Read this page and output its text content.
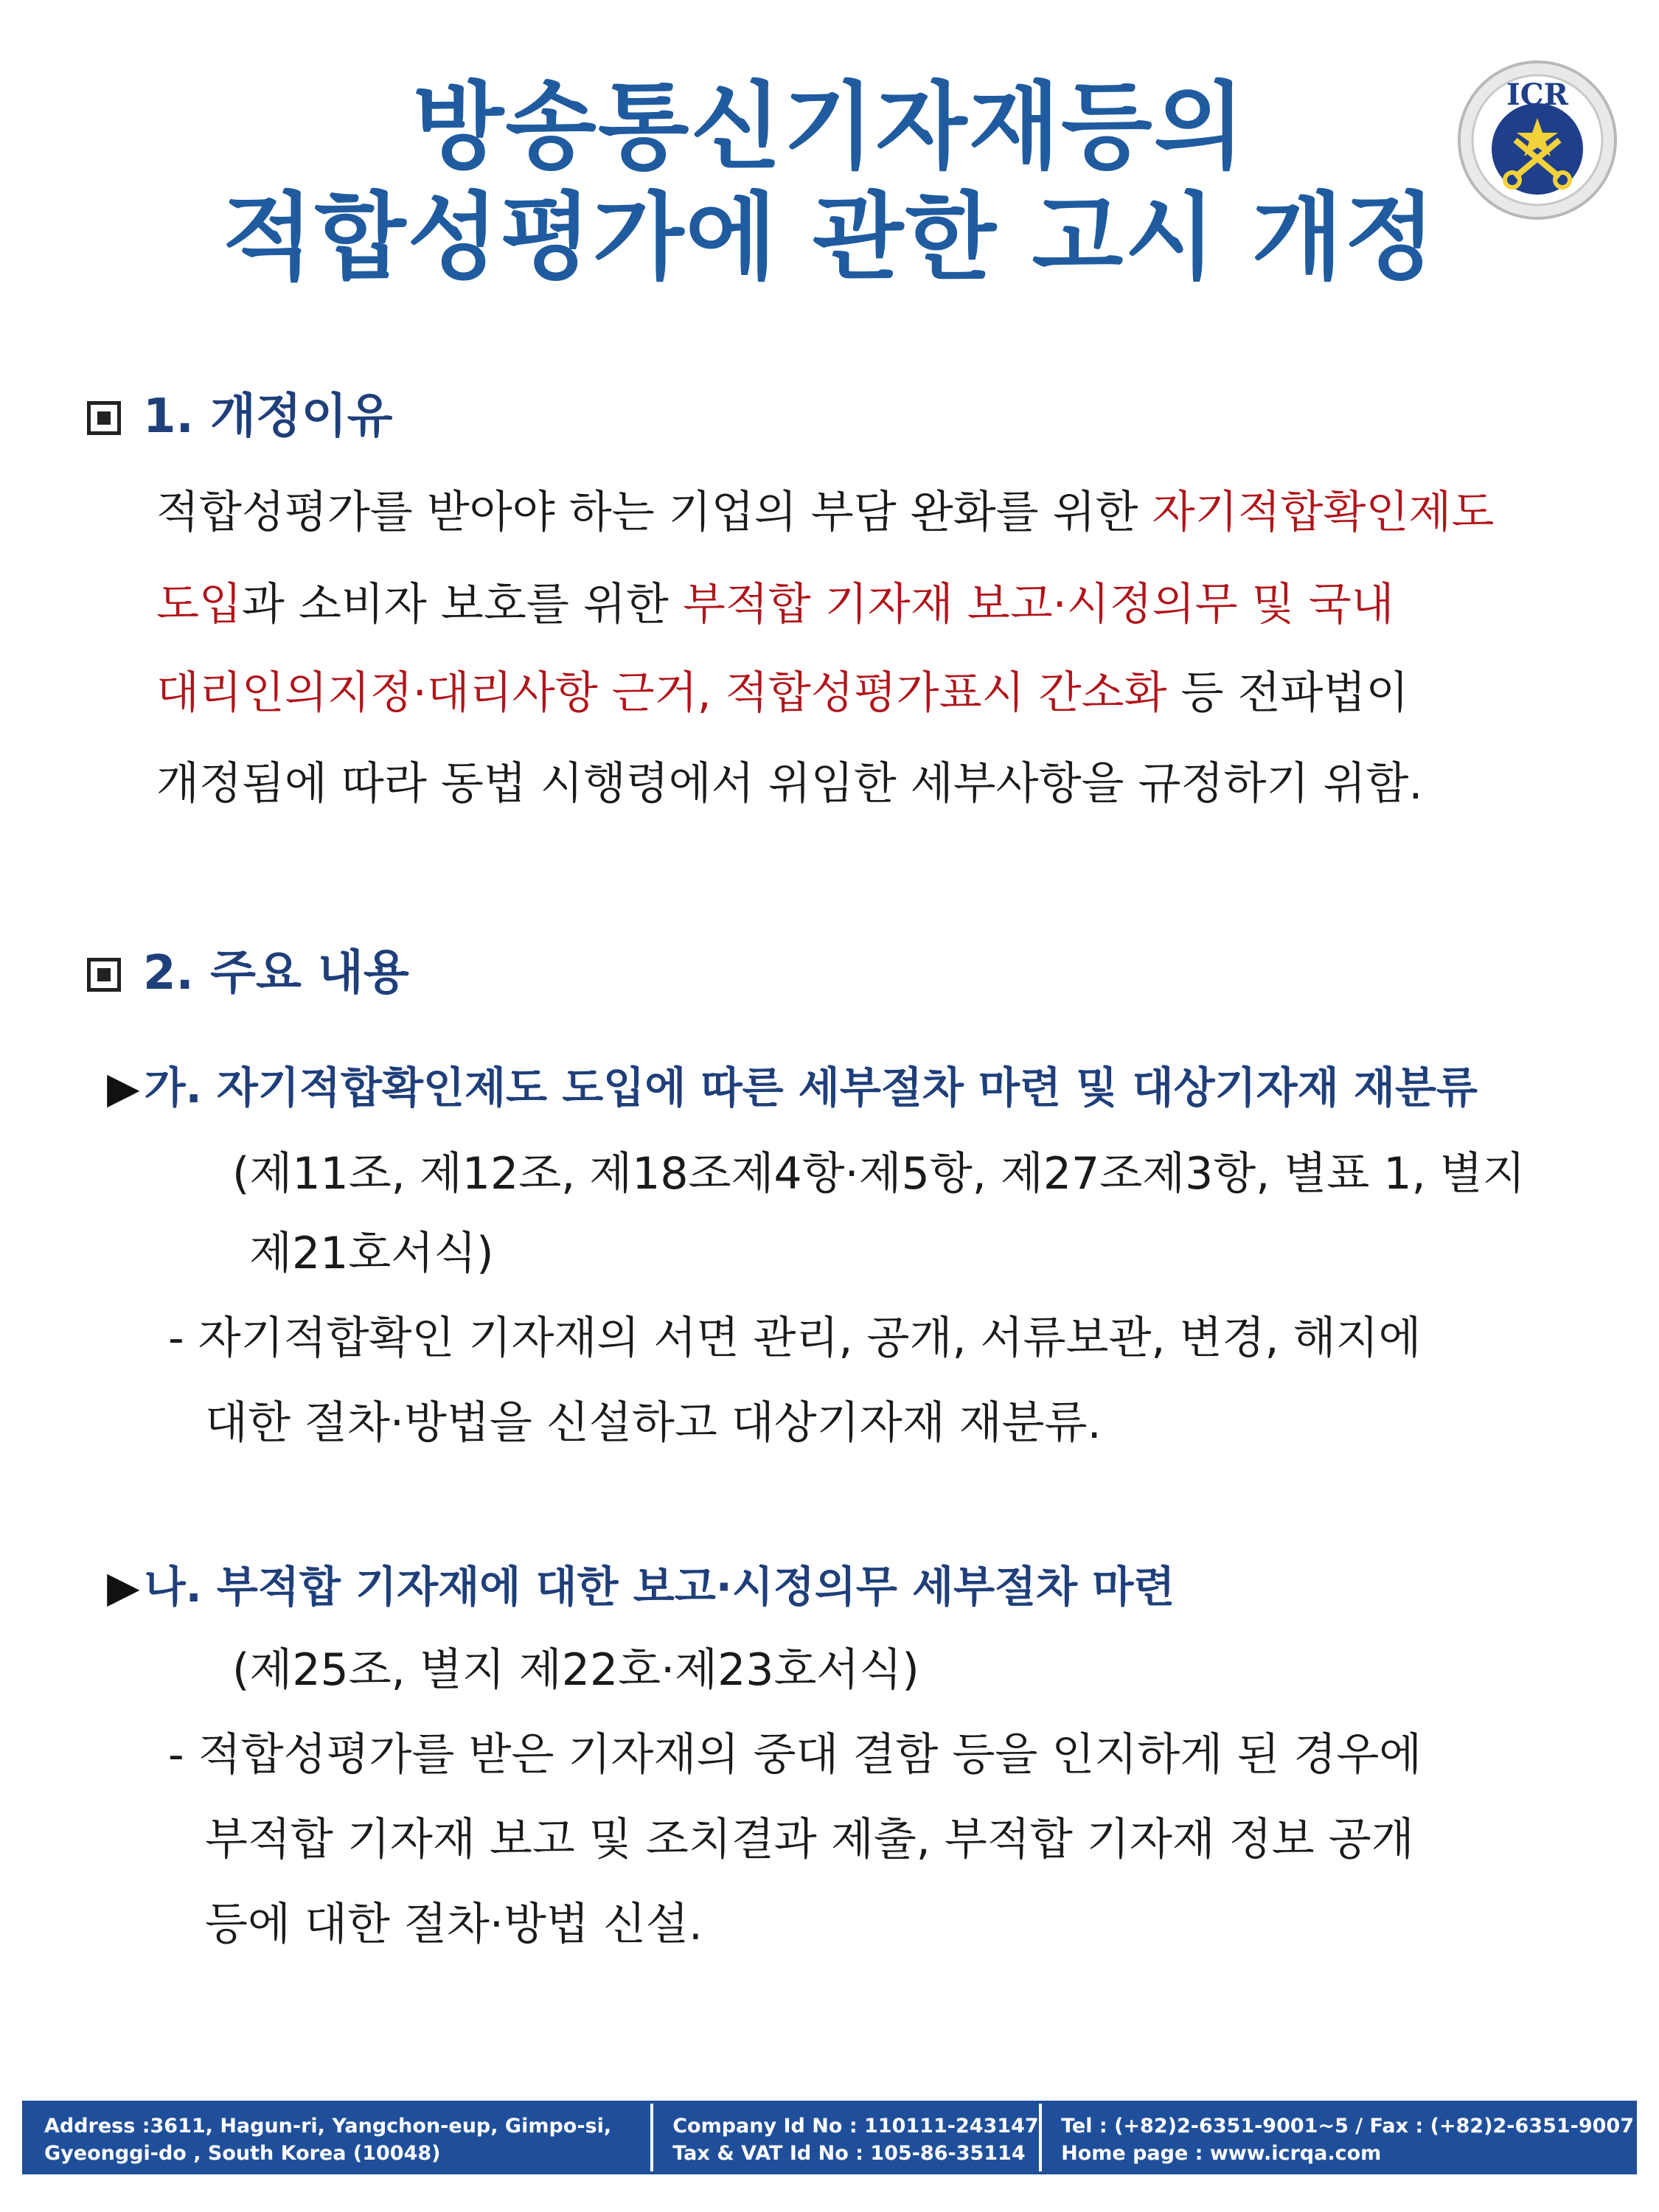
방송통신기자재등의
적합성평가에 관한 고시 개정
ICR
1. 개정이유
적합성평가를 받아야 하는 기업의 부담 완화를 위한 자기적합확인제도
도입과 소비자 보호를 위한 부적합 기자재 보고·시정의무 및 국내
대리인의지정·대리사항 근거, 적합성평가표시 간소화 등 전파법이
개정됨에 따라 동법 시행령에서 위임한 세부사항을 규정하기 위함.
2. 주요 내용
▶ 가. 자기적합확인제도 도입에 따른 세부절차 마련 및 대상기자재 재분류
(제11조, 제12조, 제18조제4항·제5항, 제27조제3항, 별표 1, 별지
제21호서식)
- 자기적합확인 기자재의 서면 관리, 공개, 서류보관, 변경, 해지에
대한 절차·방법을 신설하고 대상기자재 재분류.
▶ 나. 부적합 기자재에 대한 보고·시정의무 세부절차 마련
(제25조, 별지 제22호·제23호서식)
- 적합성평가를 받은 기자재의 중대 결함 등을 인지하게 된 경우에
부적합 기자재 보고 및 조치결과 제출, 부적합 기자재 정보 공개
등에 대한 절차·방법 신설.
Address :3611, Hagun-ri, Yangchon-eup, Gimpo-si,
Gyeonggi-do , South Korea (10048)
Company Id No : 110111-243147
Tax & VAT Id No : 105-86-35114
Tel : (+82)2-6351-9001~5 / Fax : (+82)2-6351-9007
Home page : www.icrqa.com
